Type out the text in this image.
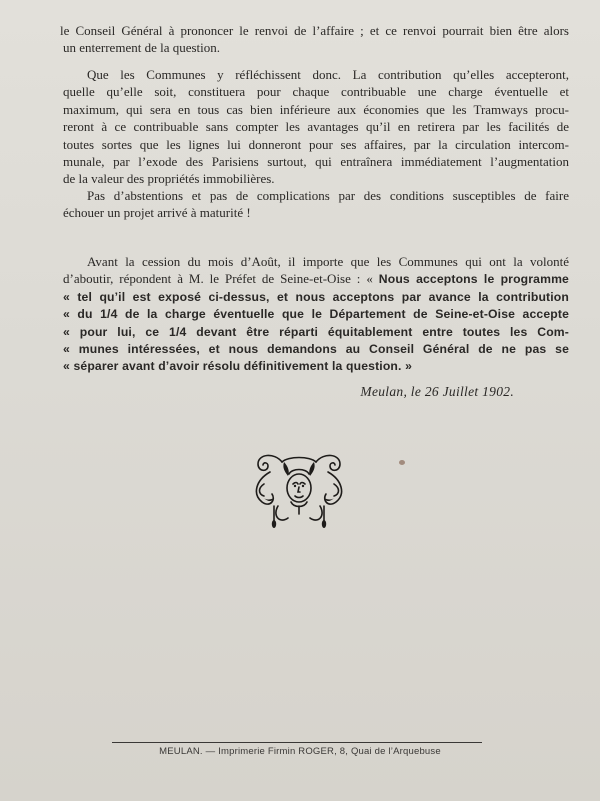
le Conseil Général à prononcer le renvoi de l’affaire ; et ce renvoi pourrait bien être alors
un enterrement de la question.

Que les Communes y réfléchissent donc. La contribution qu’elles accepteront,
quelle qu’elle soit, constituera pour chaque contribuable une charge éventuelle et
maximum, qui sera en tous cas bien inférieure aux économies que les Tramways procu-
reront à ce contribuable sans compter les avantages qu’il en retirera par les facilités de
toutes sortes que les lignes lui donneront pour ses affaires, par la circulation intercom-
munale, par l’exode des Parisiens surtout, qui entraînera immédiatement l’augmentation
de la valeur des propriétés immobilières.

Pas d’abstentions et pas de complications par des conditions susceptibles de faire
échouer un projet arrivé à maturité !

Avant la cession du mois d’Août, il importe que les Communes qui ont la volonté
d’aboutir, répondent à M. le Préfet de Seine-et-Oise : « Nous acceptons le programme
« tel qu’il est exposé ci-dessus, et nous acceptons par avance la contribution
« du 1/4 de la charge éventuelle que le Département de Seine-et-Oise accepte
« pour lui, ce 1/4 devant être réparti équitablement entre toutes les Com-
« munes intéressées, et nous demandons au Conseil Général de ne pas se
« séparer avant d’avoir résolu définitivement la question. »

Meulan, le 26 Juillet 1902.
MEULAN. — Imprimerie Firmin ROGER, 8, Quai de l’Arquebuse
